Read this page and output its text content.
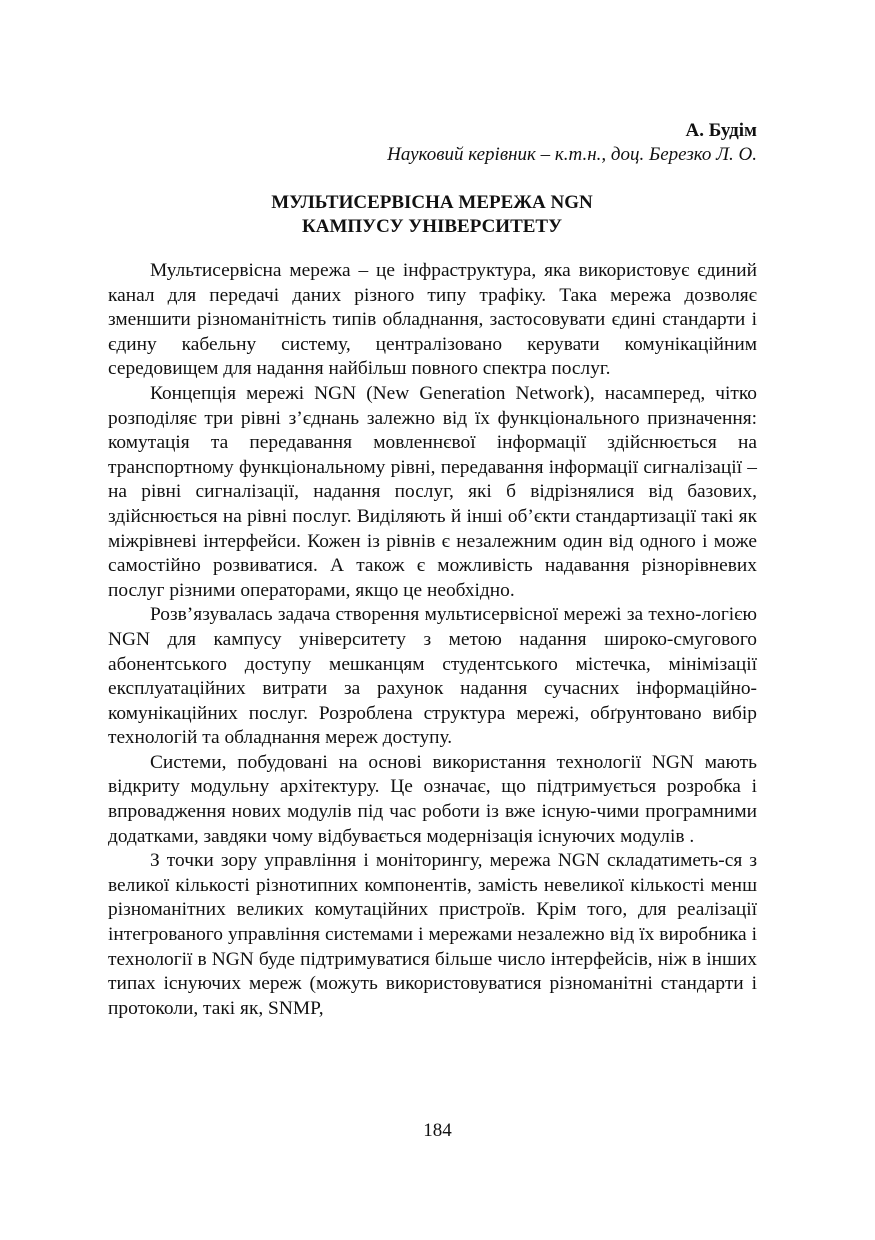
А. Будім

Науковий керівник – к.т.н., доц. Березко Л. О.

МУЛЬТИСЕРВІСНА МЕРЕЖА NGN
КАМПУСУ УНІВЕРСИТЕТУ

Мультисервісна мережа – це інфраструктура, яка використовує єдиний канал для передачі даних різного типу трафіку. Така мережа дозволяє зменшити різноманітність типів обладнання, застосовувати єдині стандарти і єдину кабельну систему, централізовано керувати комунікаційним середовищем для надання найбільш повного спектра послуг.

Концепція мережі NGN (New Generation Network), насамперед, чітко розподіляє три рівні з’єднань залежно від їх функціонального призначення: комутація та передавання мовленнєвої інформації здійснюється на транспортному функціональному рівні, передавання інформації сигналізації – на рівні сигналізації, надання послуг, які б відрізнялися від базових, здійснюється на рівні послуг. Виділяють й інші об’єкти стандартизації такі як міжрівневі інтерфейси. Кожен із рівнів є незалежним один від одного і може самостійно розвиватися. А також є можливість надавання різнорівневих послуг різними операторами, якщо це необхідно.

Розв’язувалась задача створення мультисервісної мережі за техно-логією NGN для кампусу університету з метою надання широко-смугового абонентського доступу мешканцям студентського містечка, мінімізації експлуатаційних витрати за рахунок надання сучасних інформаційно-комунікаційних послуг. Розроблена структура мережі, обґрунтовано вибір технологій та обладнання мереж доступу.

Системи, побудовані на основі використання технології NGN мають відкриту модульну архітектуру. Це означає, що підтримується розробка і впровадження нових модулів під час роботи із вже існую-чими програмними додатками, завдяки чому відбувається модернізація існуючих модулів .

З точки зору управління і моніторингу, мережа NGN складатиметь-ся з великої кількості різнотипних компонентів, замість невеликої кількості менш різноманітних великих комутаційних пристроїв. Крім того, для реалізації інтегрованого управління системами і мережами незалежно від їх виробника і технології в NGN буде підтримуватися більше число інтерфейсів, ніж в інших типах існуючих мереж (можуть використовуватися різноманітні стандарти і протоколи, такі як, SNMP,

184
